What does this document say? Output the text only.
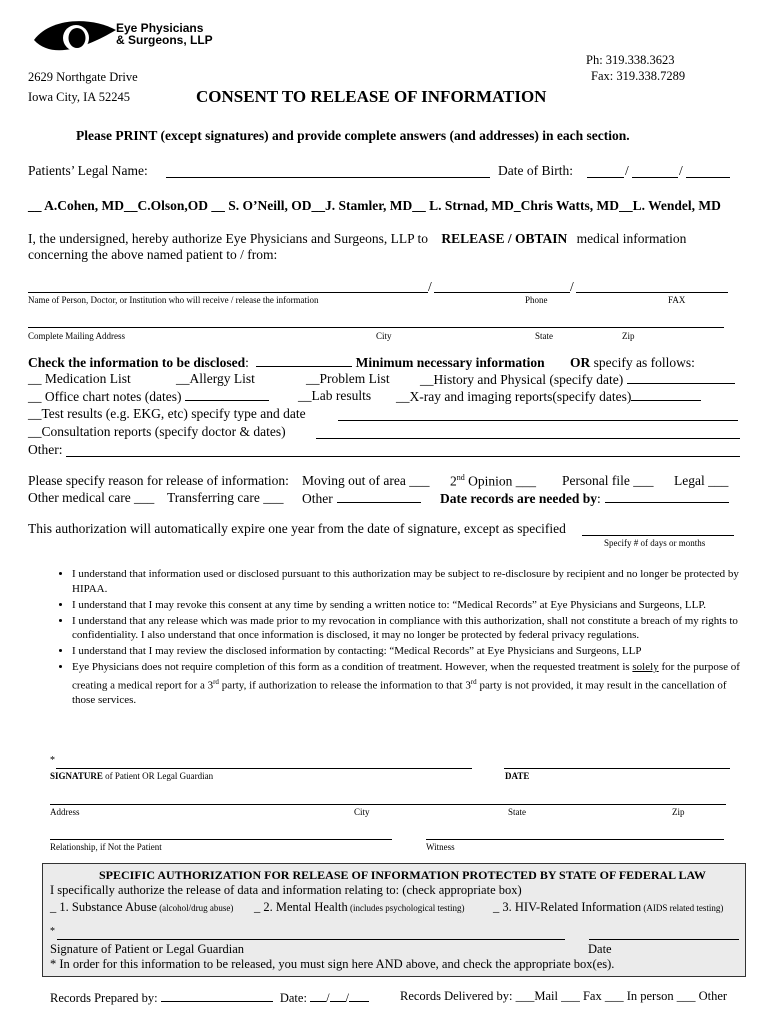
Eye Physicians
& Surgeons, LLP
Ph: 319.338.3623
Fax: 319.338.7289
2629 Northgate Drive
Iowa City, IA 52245	CONSENT TO RELEASE OF INFORMATION
Please PRINT (except signatures) and provide complete answers (and addresses) in each section.
Patients’ Legal Name:	Date of Birth:	/	/
__ A.Cohen, MD__C.Olson,OD __ S. O’Neill, OD__J. Stamler, MD__ L. Strnad, MD_Chris Watts, MD__L. Wendel, MD
I, the undersigned, hereby authorize Eye Physicians and Surgeons, LLP to RELEASE / OBTAIN medical information
concerning the above named patient to / from:
/	/
Name of Person, Doctor, or Institution who will receive / release the information	Phone	FAX
Complete Mailing Address	City	State	Zip
Check the information to be disclosed:	Minimum necessary information OR specify as follows:
__ Medication List	__Allergy List	__Problem List __History and Physical (specify date)
__ Office chart notes (dates)	__Lab results __X-ray and imaging reports(specify dates)
__Test results (e.g. EKG, etc) specify type and date
__Consultation reports (specify doctor & dates)
Other:
Please specify reason for release of information: Moving out of area ___ 2nd Opinion ___ Personal file ___ Legal ___
Other medical care ___ Transferring care ___ Other	Date records are needed by:
This authorization will automatically expire one year from the date of signature, except as specified
Specify # of days or months
• I understand that information used or disclosed pursuant to this authorization may be subject to re-disclosure by recipient and no longer be protected by HIPAA.
• I understand that I may revoke this consent at any time by sending a written notice to: “Medical Records” at Eye Physicians and Surgeons, LLP.
• I understand that any release which was made prior to my revocation in compliance with this authorization, shall not constitute a breach of my rights to confidentiality. I also understand that once information is disclosed, it may no longer be protected by federal privacy regulations.
• I understand that I may review the disclosed information by contacting: “Medical Records” at Eye Physicians and Surgeons, LLP
• Eye Physicians does not require completion of this form as a condition of treatment. However, when the requested treatment is solely for the purpose of creating a medical report for a 3rd party, if authorization to release the information to that 3rd party is not provided, it may result in the cancellation of those services.
*
SIGNATURE of Patient OR Legal Guardian	DATE
Address	City	State	Zip
Relationship, if Not the Patient	Witness
SPECIFIC AUTHORIZATION FOR RELEASE OF INFORMATION PROTECTED BY STATE OF FEDERAL LAW
I specifically authorize the release of data and information relating to: (check appropriate box)
_ 1. Substance Abuse (alcohol/drug abuse) _ 2. Mental Health (includes psychological testing) _ 3. HIV-Related Information (AIDS related testing)
*
Signature of Patient or Legal Guardian	Date
* In order for this information to be released, you must sign here AND above, and check the appropriate box(es).
Records Prepared by:	Date: / /	Records Delivered by: ___Mail ___ Fax ___ In person ___ Other
